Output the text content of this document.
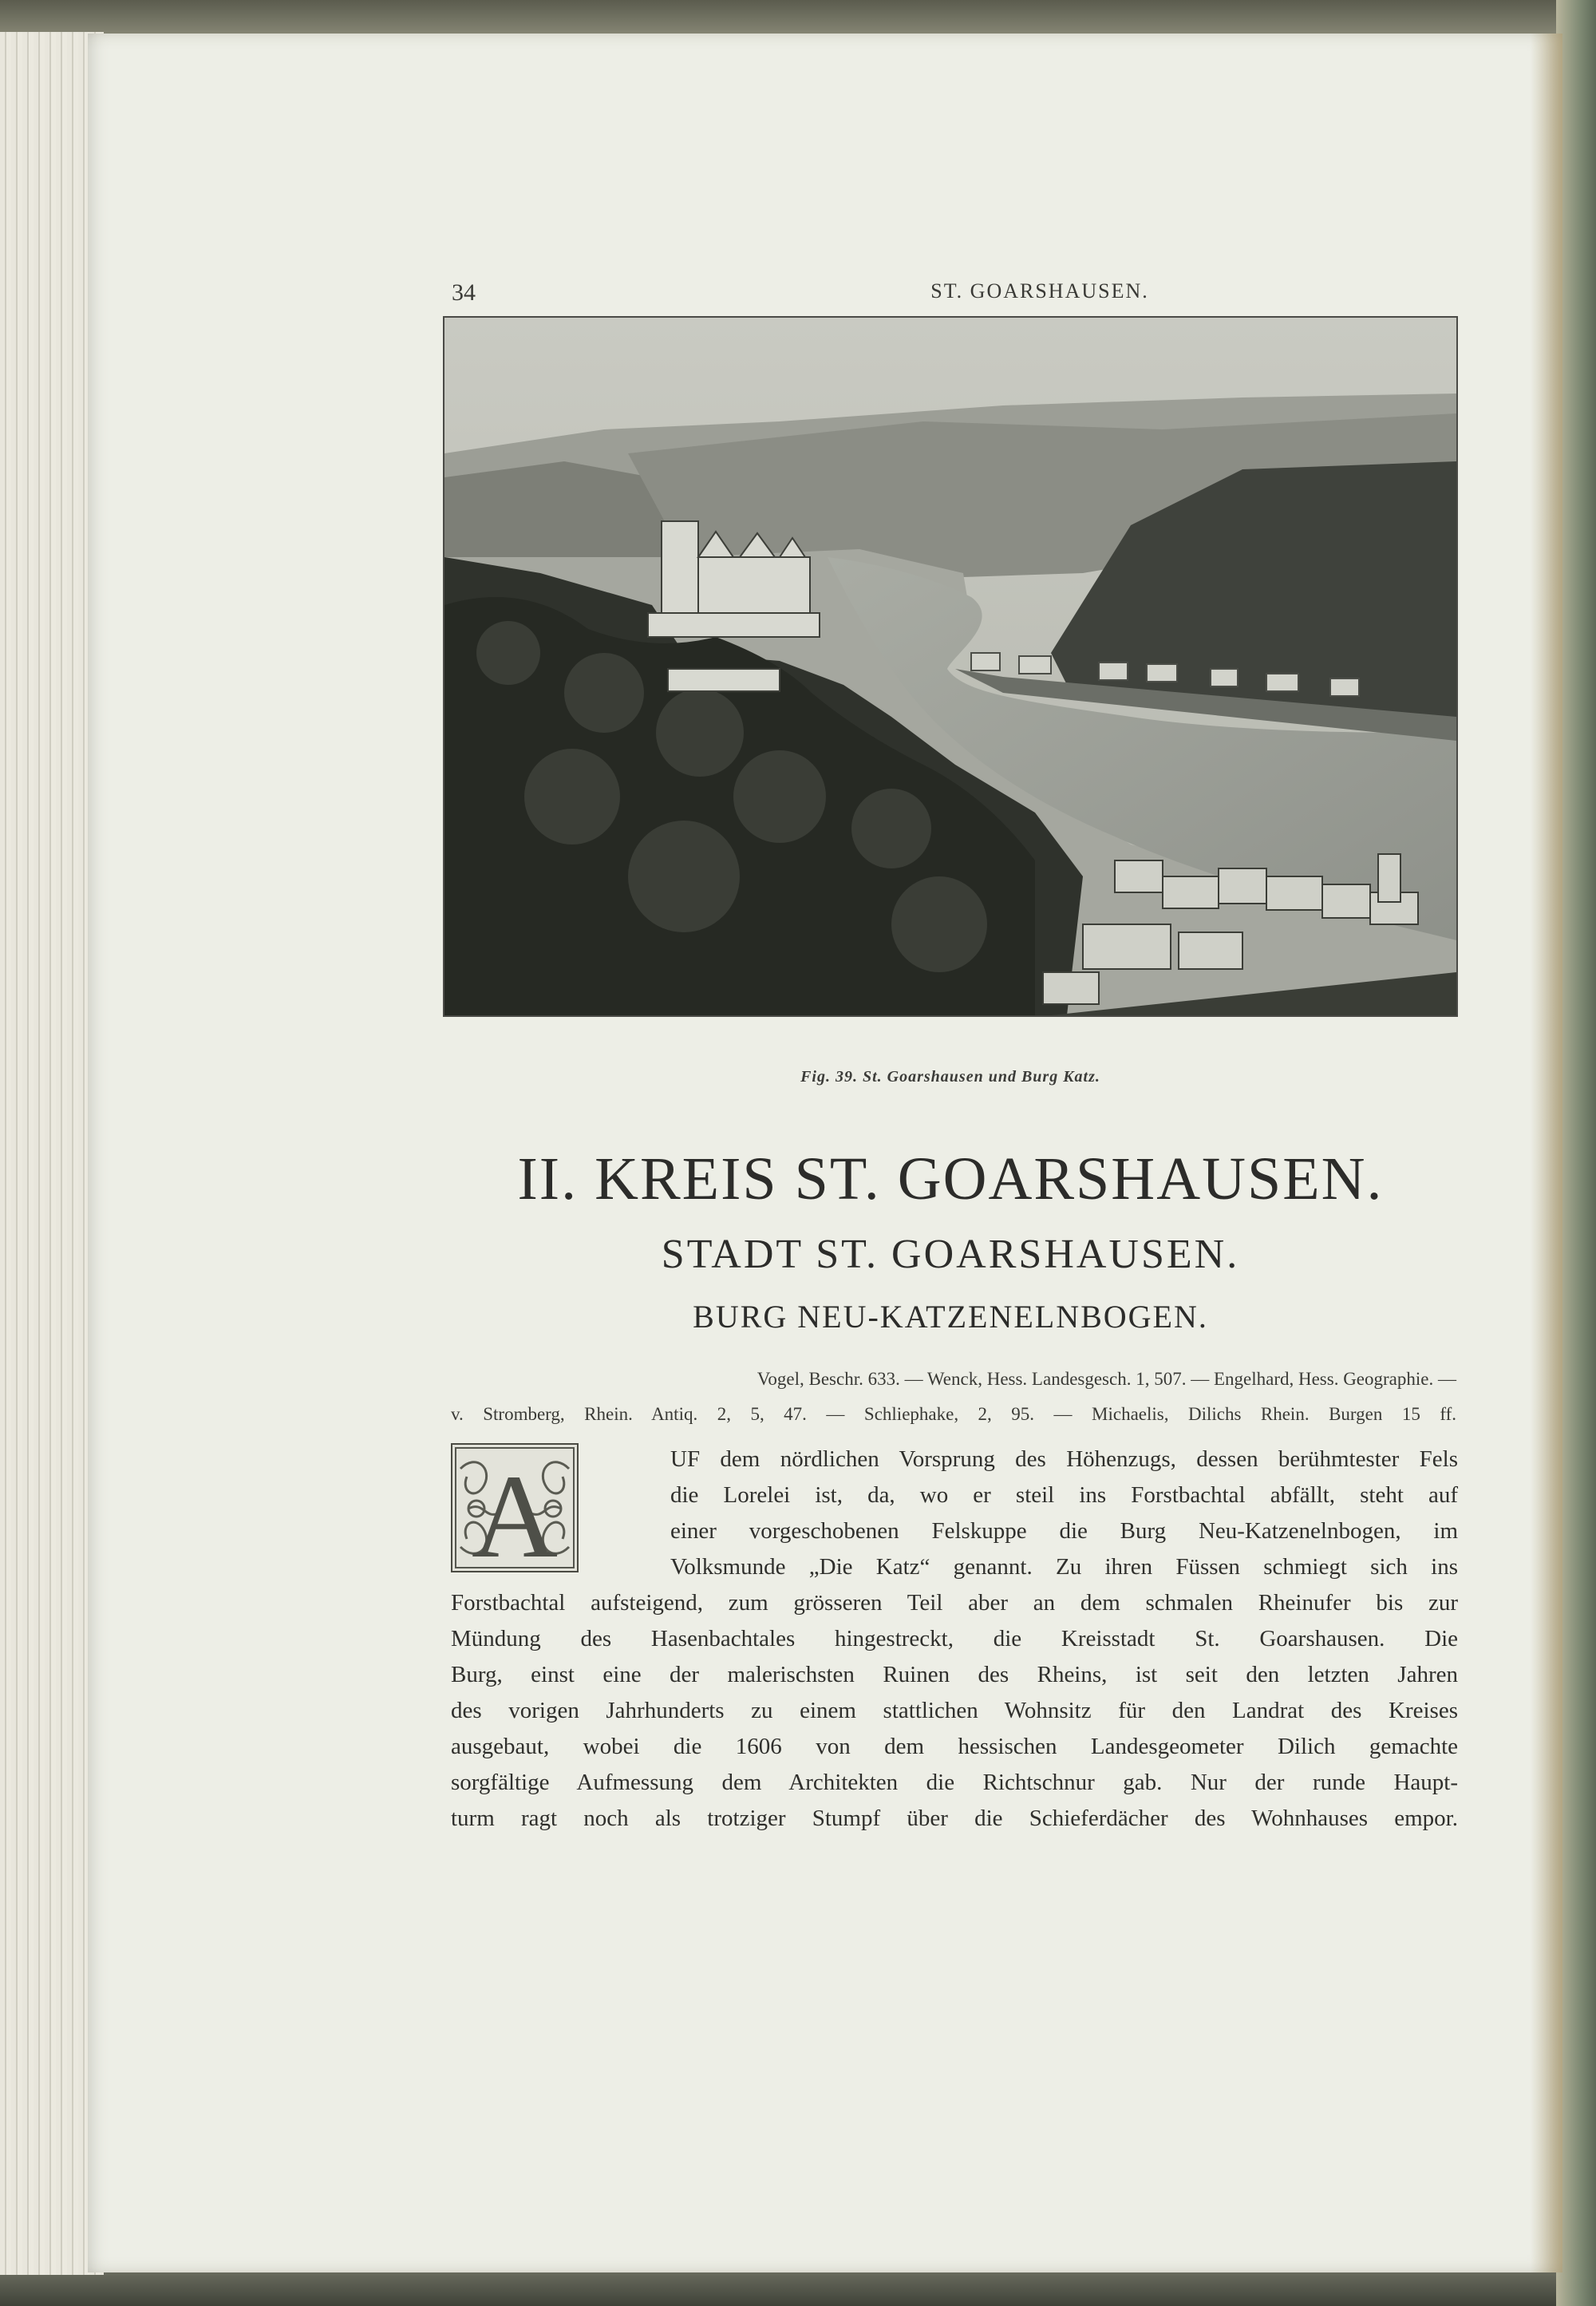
34	ST. GOARSHAUSEN.
Fig. 39. St. Goarshausen und Burg Katz.
II. KREIS ST. GOARSHAUSEN.
STADT ST. GOARSHAUSEN.
BURG NEU-KATZENELNBOGEN.
Vogel, Beschr. 633. — Wenck, Hess. Landesgesch. 1, 507. — Engelhard, Hess. Geographie. —
v. Stromberg, Rhein. Antiq. 2, 5, 47. — Schliephake, 2, 95. — Michaelis, Dilichs Rhein. Burgen 15 ff.
A	UF dem nördlichen Vorsprung des Höhenzugs, dessen berühmtester Fels
die Lorelei ist, da, wo er steil ins Forstbachtal abfällt, steht auf
einer vorgeschobenen Felskuppe die Burg Neu-Katzenelnbogen, im
Volksmunde „Die Katz“ genannt. Zu ihren Füssen schmiegt sich ins
Forstbachtal aufsteigend, zum grösseren Teil aber an dem schmalen Rheinufer bis zur
Mündung des Hasenbachtales hingestreckt, die Kreisstadt St. Goarshausen. Die
Burg, einst eine der malerischsten Ruinen des Rheins, ist seit den letzten Jahren
des vorigen Jahrhunderts zu einem stattlichen Wohnsitz für den Landrat des Kreises
ausgebaut, wobei die 1606 von dem hessischen Landesgeometer Dilich gemachte
sorgfältige Aufmessung dem Architekten die Richtschnur gab. Nur der runde Haupt-
turm ragt noch als trotziger Stumpf über die Schieferdächer des Wohnhauses empor.
